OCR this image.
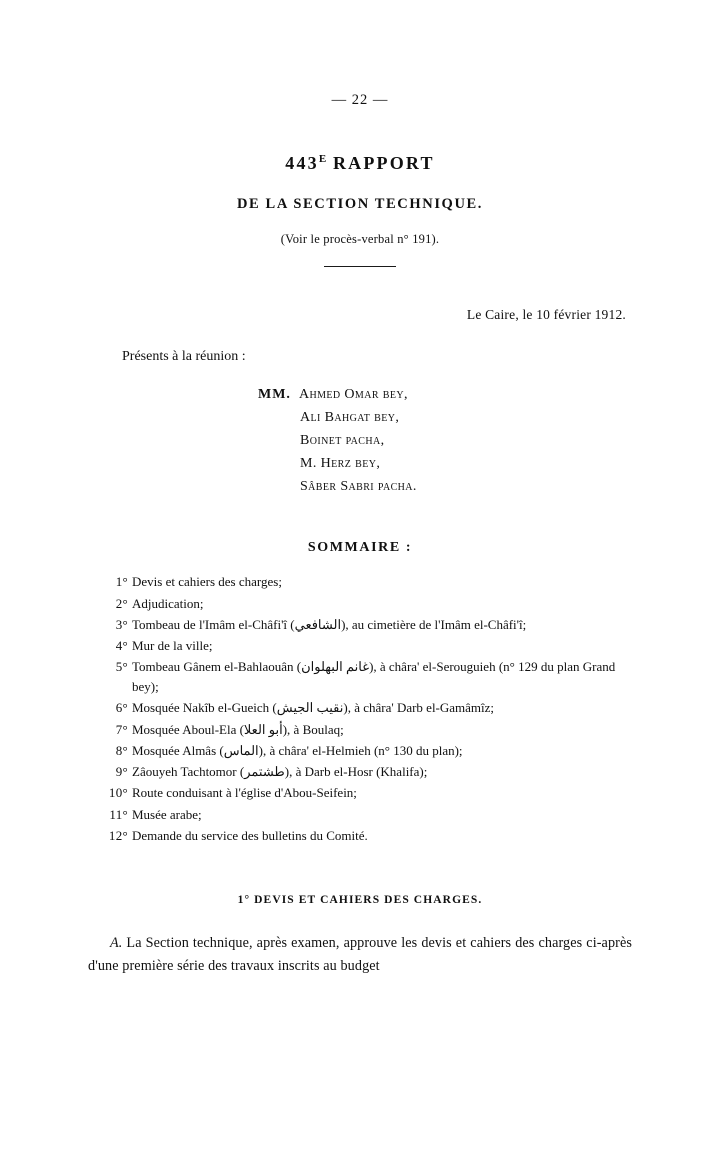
— 22 —
$443^E$ RAPPORT
DE LA SECTION TECHNIQUE.
(Voir le procès-verbal n° 191).
Le Caire, le 10 février 1912.
Présents à la réunion :
MM. Ahmed Omar bey,
Ali Bahgat bey,
Boinet pacha,
M. Herz bey,
Sâber Sabri pacha.
SOMMAIRE :
1° Devis et cahiers des charges;
2° Adjudication;
3° Tombeau de l'Imâm el-Châfi'î (الشافعي), au cimetière de l'Imâm el-Châfi'î;
4° Mur de la ville;
5° Tombeau Gânem el-Bahlaouân (غانم البهلوان), à châra' el-Serouguieh (n° 129 du plan Grand bey);
6° Mosquée Nakîb el-Gueich (نقيب الجيش), à châra' Darb el-Gamâmîz;
7° Mosquée Aboul-Ela (أبو العلا), à Boulaq;
8° Mosquée Almâs (الماس), à châra' el-Helmieh (n° 130 du plan);
9° Zâouyeh Tachtomor (طشتمر), à Darb el-Hosr (Khalifa);
10° Route conduisant à l'église d'Abou-Seifein;
11° Musée arabe;
12° Demande du service des bulletins du Comité.
1° DEVIS ET CAHIERS DES CHARGES.
A. La Section technique, après examen, approuve les devis et cahiers des charges ci-après d'une première série des travaux inscrits au budget
